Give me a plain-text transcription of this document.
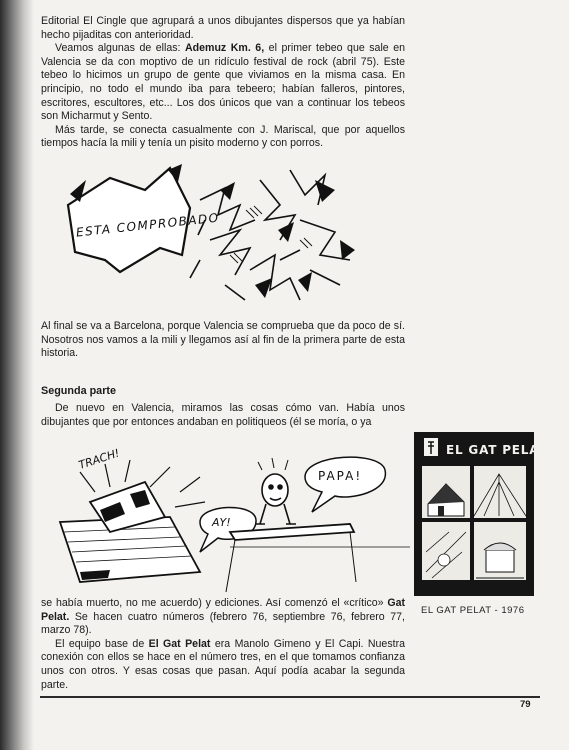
Editorial El Cingle que agrupará a unos dibujantes dispersos que ya habían hecho pijaditas con anterioridad.

Veamos algunas de ellas: Ademuz Km. 6, el primer tebeo que sale en Valencia se da con moptivo de un ridículo festival de rock (abril 75). Este tebeo lo hicimos un grupo de gente que viviamos en la misma casa. En principio, no todo el mundo iba para tebeero; habían falleros, pintores, escritores, escultores, etc... Los dos únicos que van a continuar los tebeos son Micharmut y Sento.

Más tarde, se conecta casualmente con J. Mariscal, que por aquellos tiempos hacía la mili y tenía un pisito moderno y con porros.

ESTA COMPROBADO

Al final se va a Barcelona, porque Valencia se comprueba que da poco de sí. Nosotros nos vamos a la mili y llegamos así al fin de la primera parte de esta historia.

Segunda parte

De nuevo en Valencia, miramos las cosas cómo van. Había unos dibujantes que por entonces andaban en politiqueos (él se moría, o ya

TRACH!
AY!
PAPA!
EL GAT PELAT
EL GAT PELAT - 1976

se había muerto, no me acuerdo) y ediciones. Así comenzó el «crítico» Gat Pelat. Se hacen cuatro números (febrero 76, septiembre 76, febrero 77, marzo 78).

El equipo base de El Gat Pelat era Manolo Gimeno y El Capi. Nuestra conexión con ellos se hace en el número tres, en el que tomamos confianza unos con otros. Y esas cosas que pasan. Aquí podía acabar la segunda parte.

79
